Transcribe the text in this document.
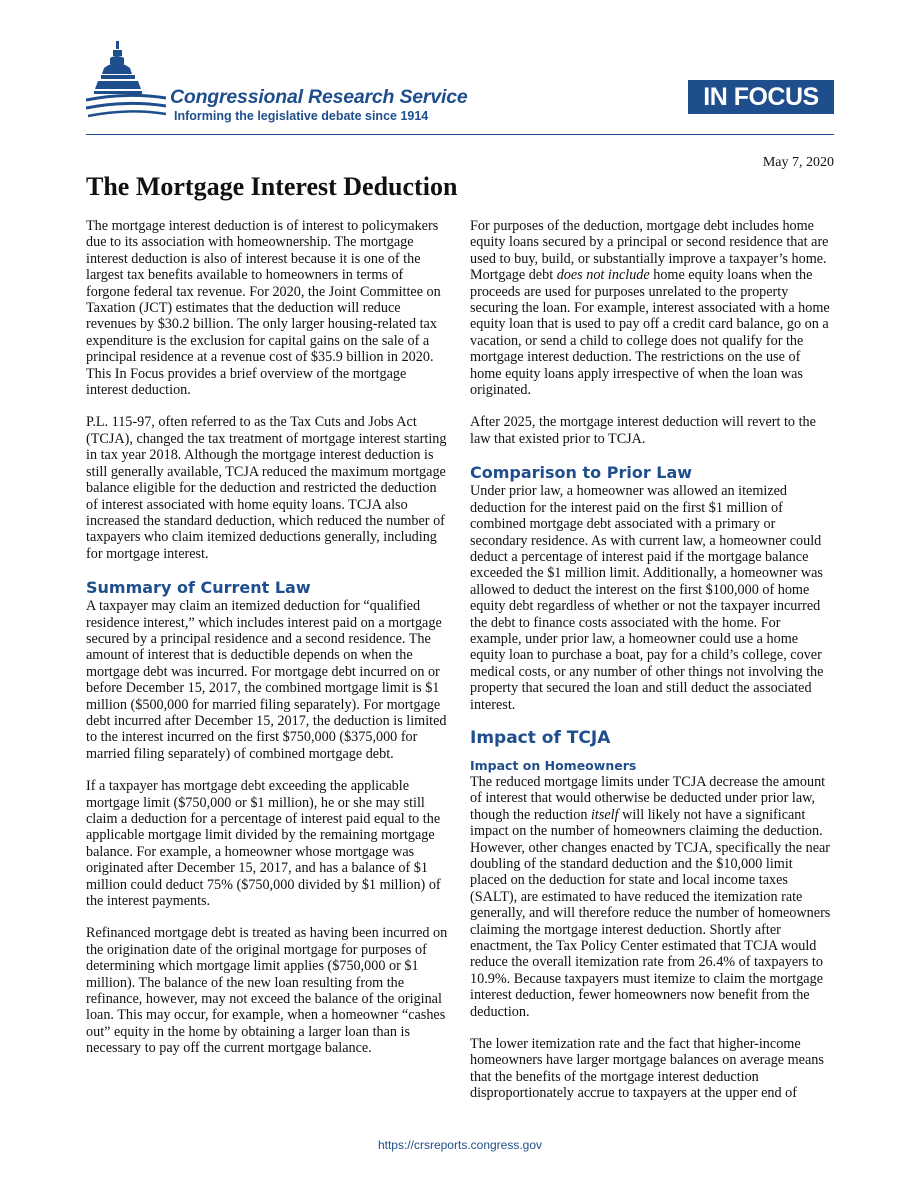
Congressional Research Service
Informing the legislative debate since 1914
IN FOCUS
May 7, 2020
The Mortgage Interest Deduction

The mortgage interest deduction is of interest to policymakers due to its association with homeownership. The mortgage interest deduction is also of interest because it is one of the largest tax benefits available to homeowners in terms of forgone federal tax revenue. For 2020, the Joint Committee on Taxation (JCT) estimates that the deduction will reduce revenues by $30.2 billion. The only larger housing-related tax expenditure is the exclusion for capital gains on the sale of a principal residence at a revenue cost of $35.9 billion in 2020. This In Focus provides a brief overview of the mortgage interest deduction.

P.L. 115-97, often referred to as the Tax Cuts and Jobs Act (TCJA), changed the tax treatment of mortgage interest starting in tax year 2018. Although the mortgage interest deduction is still generally available, TCJA reduced the maximum mortgage balance eligible for the deduction and restricted the deduction of interest associated with home equity loans. TCJA also increased the standard deduction, which reduced the number of taxpayers who claim itemized deductions generally, including for mortgage interest.

Summary of Current Law

A taxpayer may claim an itemized deduction for “qualified residence interest,” which includes interest paid on a mortgage secured by a principal residence and a second residence. The amount of interest that is deductible depends on when the mortgage debt was incurred. For mortgage debt incurred on or before December 15, 2017, the combined mortgage limit is $1 million ($500,000 for married filing separately). For mortgage debt incurred after December 15, 2017, the deduction is limited to the interest incurred on the first $750,000 ($375,000 for married filing separately) of combined mortgage debt.

If a taxpayer has mortgage debt exceeding the applicable mortgage limit ($750,000 or $1 million), he or she may still claim a deduction for a percentage of interest paid equal to the applicable mortgage limit divided by the remaining mortgage balance. For example, a homeowner whose mortgage was originated after December 15, 2017, and has a balance of $1 million could deduct 75% ($750,000 divided by $1 million) of the interest payments.

Refinanced mortgage debt is treated as having been incurred on the origination date of the original mortgage for purposes of determining which mortgage limit applies ($750,000 or $1 million). The balance of the new loan resulting from the refinance, however, may not exceed the balance of the original loan. This may occur, for example, when a homeowner “cashes out” equity in the home by obtaining a larger loan than is necessary to pay off the current mortgage balance.

For purposes of the deduction, mortgage debt includes home equity loans secured by a principal or second residence that are used to buy, build, or substantially improve a taxpayer’s home. Mortgage debt does not include home equity loans when the proceeds are used for purposes unrelated to the property securing the loan. For example, interest associated with a home equity loan that is used to pay off a credit card balance, go on a vacation, or send a child to college does not qualify for the mortgage interest deduction. The restrictions on the use of home equity loans apply irrespective of when the loan was originated.

After 2025, the mortgage interest deduction will revert to the law that existed prior to TCJA.

Comparison to Prior Law

Under prior law, a homeowner was allowed an itemized deduction for the interest paid on the first $1 million of combined mortgage debt associated with a primary or secondary residence. As with current law, a homeowner could deduct a percentage of interest paid if the mortgage balance exceeded the $1 million limit. Additionally, a homeowner was allowed to deduct the interest on the first $100,000 of home equity debt regardless of whether or not the taxpayer incurred the debt to finance costs associated with the home. For example, under prior law, a homeowner could use a home equity loan to purchase a boat, pay for a child’s college, cover medical costs, or any number of other things not involving the property that secured the loan and still deduct the associated interest.

Impact of TCJA
Impact on Homeowners

The reduced mortgage limits under TCJA decrease the amount of interest that would otherwise be deducted under prior law, though the reduction itself will likely not have a significant impact on the number of homeowners claiming the deduction. However, other changes enacted by TCJA, specifically the near doubling of the standard deduction and the $10,000 limit placed on the deduction for state and local income taxes (SALT), are estimated to have reduced the itemization rate generally, and will therefore reduce the number of homeowners claiming the mortgage interest deduction. Shortly after enactment, the Tax Policy Center estimated that TCJA would reduce the overall itemization rate from 26.4% of taxpayers to 10.9%. Because taxpayers must itemize to claim the mortgage interest deduction, fewer homeowners now benefit from the deduction.

The lower itemization rate and the fact that higher-income homeowners have larger mortgage balances on average means that the benefits of the mortgage interest deduction disproportionately accrue to taxpayers at the upper end of

https://crsreports.congress.gov
